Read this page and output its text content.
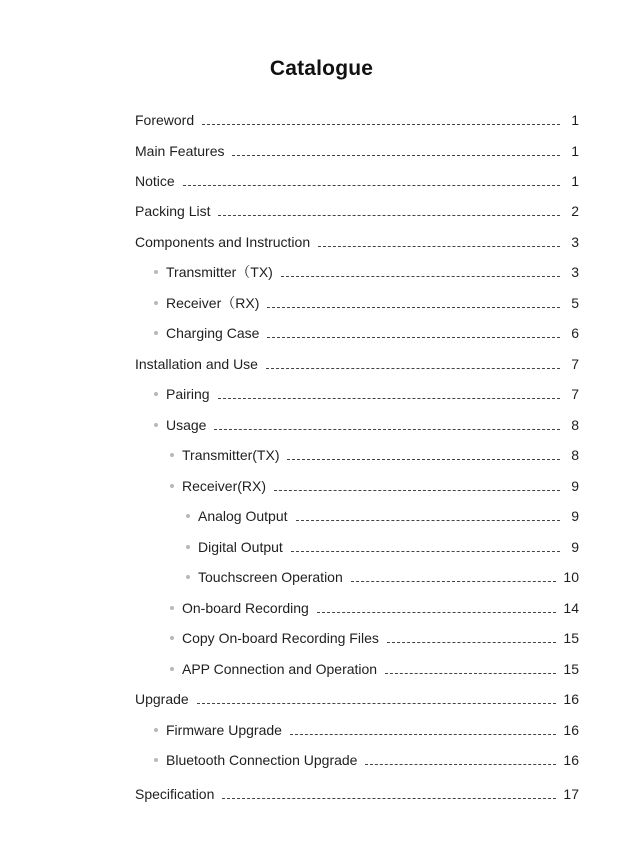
Catalogue
Foreword	1
Main Features	1
Notice	1
Packing List	2
Components and Instruction	3
Transmitter（TX)	3
Receiver（RX)	5
Charging Case	6
Installation and Use	7
Pairing	7
Usage	8
Transmitter(TX)	8
Receiver(RX)	9
Analog Output	9
Digital Output	9
Touchscreen Operation	10
On-board Recording	14
Copy On-board Recording Files	15
APP Connection and Operation	15
Upgrade	16
Firmware Upgrade	16
Bluetooth Connection Upgrade	16
Specification	17
